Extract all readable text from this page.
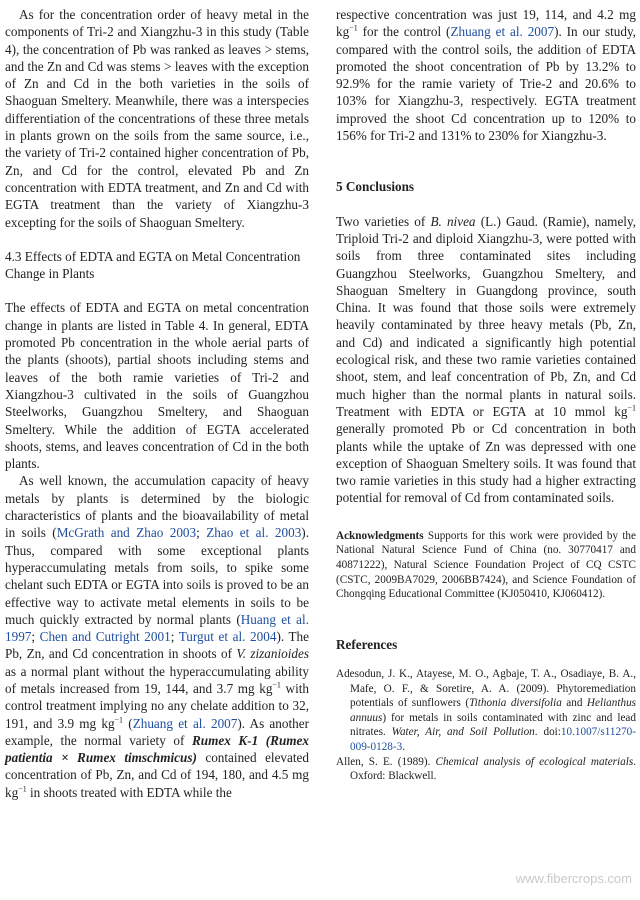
As for the concentration order of heavy metal in the components of Tri-2 and Xiangzhu-3 in this study (Table 4), the concentration of Pb was ranked as leaves > stems, and the Zn and Cd was stems > leaves with the exception of Zn and Cd in the both varieties in the soils of Shaoguan Smeltery. Meanwhile, there was a interspecies differentiation of the concentrations of these three metals in plants grown on the soils from the same source, i.e., the variety of Tri-2 contained higher concentration of Pb, Zn, and Cd for the control, elevated Pb and Zn concentration with EDTA treatment, and Zn and Cd with EGTA treatment than the variety of Xiangzhu-3 excepting for the soils of Shaoguan Smeltery.

4.3 Effects of EDTA and EGTA on Metal Concentration Change in Plants

The effects of EDTA and EGTA on metal concentration change in plants are listed in Table 4. In general, EDTA promoted Pb concentration in the whole aerial parts of the plants (shoots), partial shoots including stems and leaves of the both ramie varieties of Tri-2 and Xiangzhou-3 cultivated in the soils of Guangzhou Steelworks, Guangzhou Smeltery, and Shaoguan Smeltery. While the addition of EGTA accelerated shoots, stems, and leaves concentration of Cd in the both plants.

As well known, the accumulation capacity of heavy metals by plants is determined by the biologic characteristics of plants and the bioavailability of metal in soils (McGrath and Zhao 2003; Zhao et al. 2003). Thus, compared with some exceptional plants hyperaccumulating metals from soils, to spike some chelant such EDTA or EGTA into soils is proved to be an effective way to activate metal elements in soils to be much quickly extracted by normal plants (Huang et al. 1997; Chen and Cutright 2001; Turgut et al. 2004). The Pb, Zn, and Cd concentration in shoots of V. zizanioides as a normal plant without the hyperaccumulating ability of metals increased from 19, 144, and 3.7 mg $kg^{-1}$ with control treatment implying no any chelate addition to 32, 191, and 3.9 mg $kg^{-1}$ (Zhuang et al. 2007). As another example, the normal variety of Rumex K-1 (Rumex patientia × Rumex timschmicus) contained elevated concentration of Pb, Zn, and Cd of 194, 180, and 4.5 mg $kg^{-1}$ in shoots treated with EDTA while the

respective concentration was just 19, 114, and 4.2 mg $kg^{-1}$ for the control (Zhuang et al. 2007). In our study, compared with the control soils, the addition of EDTA promoted the shoot concentration of Pb by 13.2% to 92.9% for the ramie variety of Trie-2 and 20.6% to 103% for Xiangzhu-3, respectively. EGTA treatment improved the shoot Cd concentration up to 120% to 156% for Tri-2 and 131% to 230% for Xiangzhu-3.

5 Conclusions

Two varieties of B. nivea (L.) Gaud. (Ramie), namely, Triploid Tri-2 and diploid Xiangzhu-3, were potted with soils from three contaminated sites including Guangzhou Steelworks, Guangzhou Smeltery, and Shaoguan Smeltery in Guangdong province, south China. It was found that those soils were extremely heavily contaminated by three heavy metals (Pb, Zn, and Cd) and indicated a significantly high potential ecological risk, and these two ramie varieties contained shoot, stem, and leaf concentration of Pb, Zn, and Cd much higher than the normal plants in natural soils. Treatment with EDTA or EGTA at 10 mmol $kg^{-1}$ generally promoted Pb or Cd concentration in both plants while the uptake of Zn was depressed with one exception of Shaoguan Smeltery soils. It was found that two ramie varieties in this study had a higher extracting potential for removal of Cd from contaminated soils.

Acknowledgments Supports for this work were provided by the National Natural Science Fund of China (no. 30770417 and 40871222), Natural Science Foundation Project of CQ CSTC (CSTC, 2009BA7029, 2006BB7424), and Science Foundation of Chongqing Educational Committee (KJ050410, KJ060412).

References

Adesodun, J. K., Atayese, M. O., Agbaje, T. A., Osadiaye, B. A., Mafe, O. F., & Soretire, A. A. (2009). Phytoremediation potentials of sunflowers (Tithonia diversifolia and Helianthus annuus) for metals in soils contaminated with zinc and lead nitrates. Water, Air, and Soil Pollution. doi:10.1007/s11270-009-0128-3.

Allen, S. E. (1989). Chemical analysis of ecological materials. Oxford: Blackwell.

www.fibercrops.com
